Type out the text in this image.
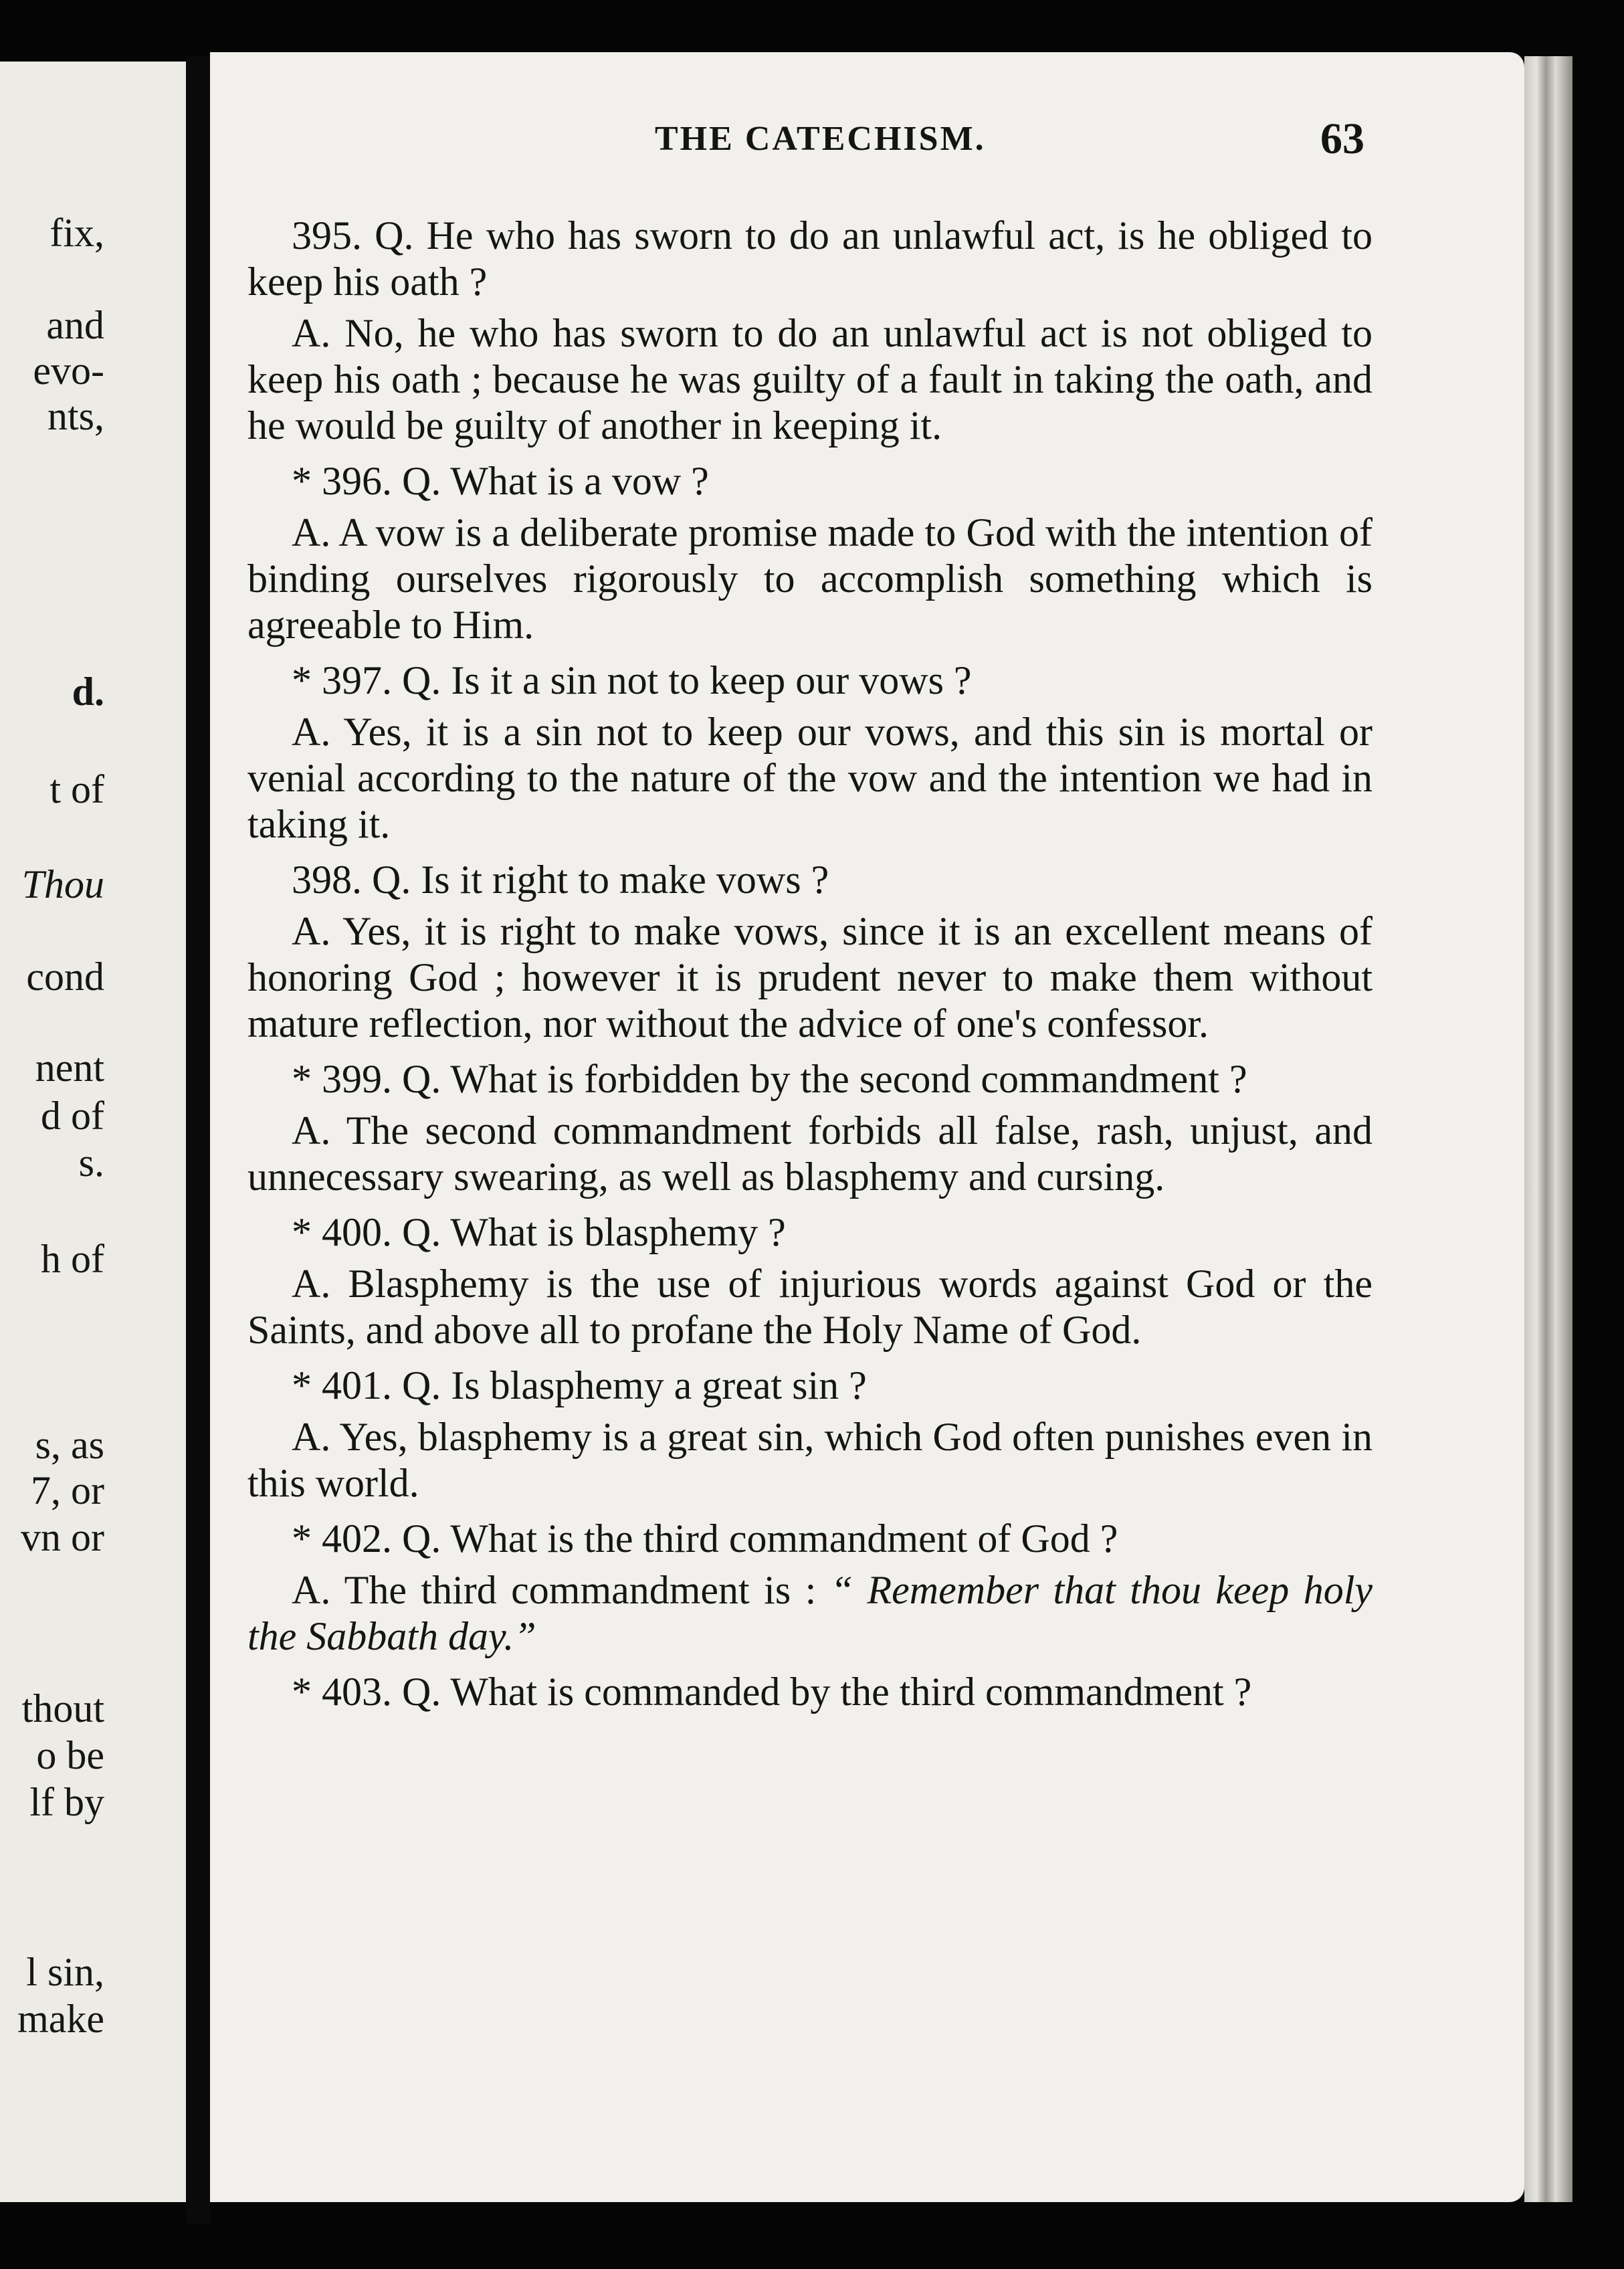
fix,
and
evo-
nts,
d.
t of
Thou
cond
nent
d of
s.
h of
s, as
7, or
vn or
thout
o be
lf by
l sin,
make
THE CATECHISM.	63

395. Q. He who has sworn to do an unlawful act, is he obliged to keep his oath ?

A. No, he who has sworn to do an unlawful act is not obliged to keep his oath ; because he was guilty of a fault in taking the oath, and he would be guilty of another in keeping it.

* 396. Q. What is a vow ?

A. A vow is a deliberate promise made to God with the intention of binding ourselves rigorously to accomplish something which is agreeable to Him.

* 397. Q. Is it a sin not to keep our vows ?

A. Yes, it is a sin not to keep our vows, and this sin is mortal or venial according to the nature of the vow and the intention we had in taking it.

398. Q. Is it right to make vows ?

A. Yes, it is right to make vows, since it is an excellent means of honoring God ; however it is prudent never to make them without mature reflection, nor without the advice of one's confessor.

* 399. Q. What is forbidden by the second commandment ?

A. The second commandment forbids all false, rash, unjust, and unnecessary swearing, as well as blasphemy and cursing.

* 400. Q. What is blasphemy ?

A. Blasphemy is the use of injurious words against God or the Saints, and above all to profane the Holy Name of God.

* 401. Q. Is blasphemy a great sin ?

A. Yes, blasphemy is a great sin, which God often punishes even in this world.

* 402. Q. What is the third commandment of God ?

A. The third commandment is : “ Remember that thou keep holy the Sabbath day.”

* 403. Q. What is commanded by the third commandment ?
